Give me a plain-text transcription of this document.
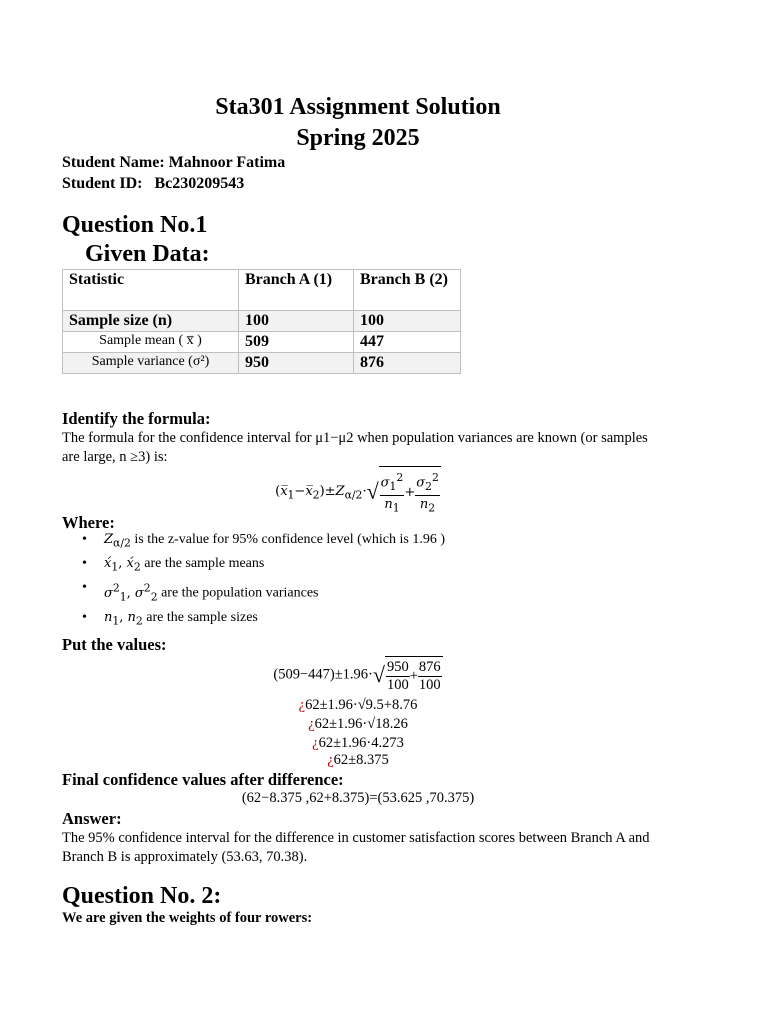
Sta301 Assignment Solution
Spring 2025
Student Name: Mahnoor Fatima
Student ID:   Bc230209543
Question No.1
Given Data:
Statistic	Branch A (1)	Branch B (2)
Sample size (n)	100	100
Sample mean ( x̅ )	509	447
Sample variance (σ²)	950	876
Identify the formula:
The formula for the confidence interval for μ1−μ2 when population variances are known (or samples are large, n ≥3) is:
$(x̅_1-x̅_2)\pm Z_{\alpha/2}\cdot√ \frac{\sigma_1^2}{n_1} + \frac{\sigma_2^2}{n_2}$
Where:
• $Z_{\alpha/2}$ is the z-value for 95% confidence level (which is 1.96 )
• $x́_1$, $x́_2$ are the sample means
• $\sigma^2_1$, $\sigma^2_2$ are the population variances
• $n_1$, $n_2$ are the sample sizes
Put the values:
$(509-447)\pm 1.96\cdot√ \frac{950}{100} + \frac{876}{100}$
¿62±1.96·√9.5+8.76
¿62±1.96·√18.26
¿62±1.96·4.273
¿62±8.375
Final confidence values after difference:
(62−8.375 ,62+8.375)=(53.625 ,70.375)
Answer:
The 95% confidence interval for the difference in customer satisfaction scores between Branch A and Branch B is approximately (53.63, 70.38).
Question No. 2:
We are given the weights of four rowers:
